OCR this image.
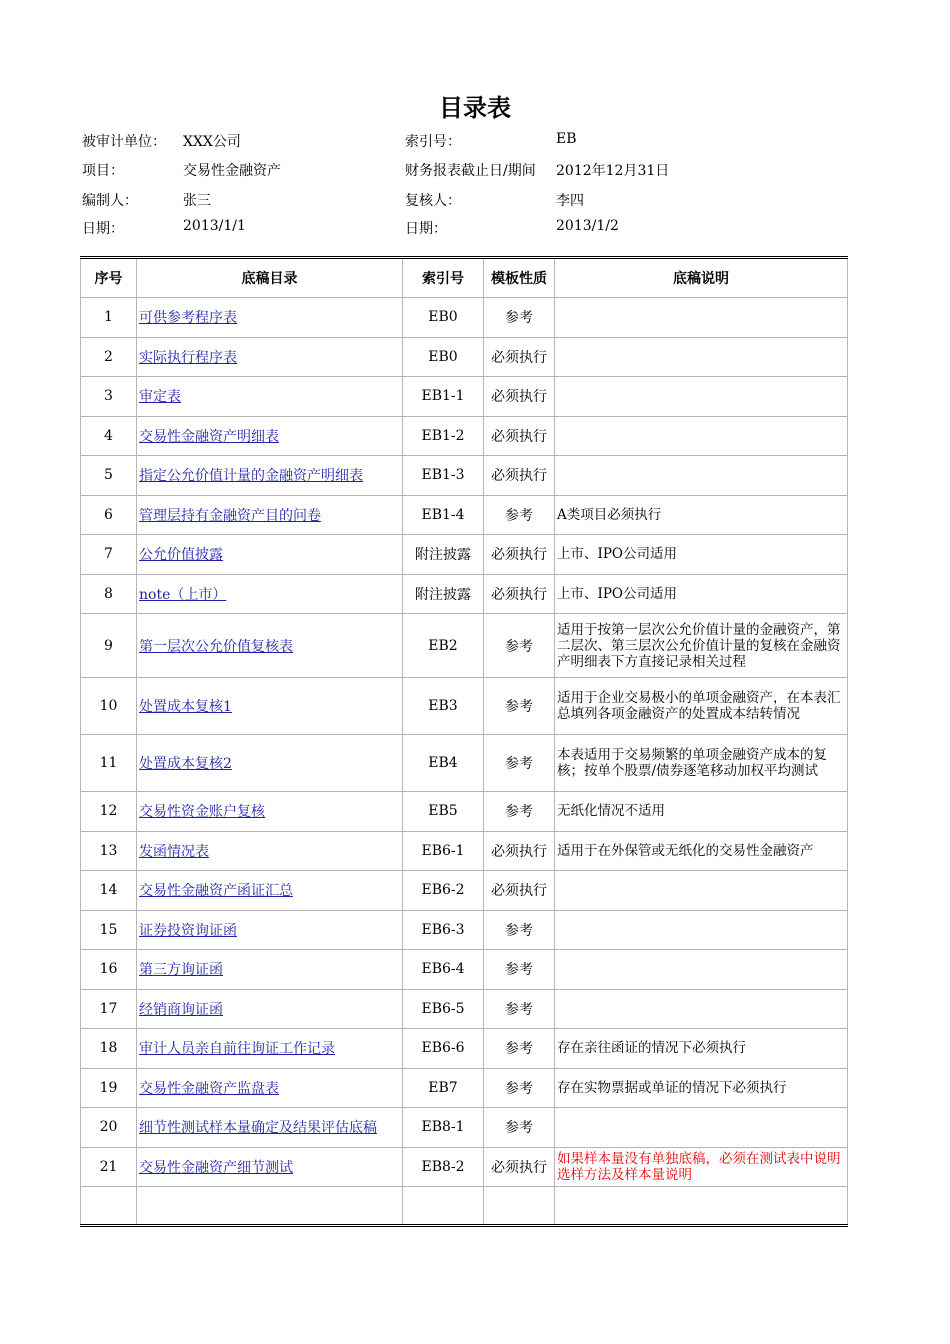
目录表
被审计单位： XXX公司	索引号：	EB
项目：	交易性金融资产	财务报表截止日/期间 2012年12月31日
编制人：	张三	复核人：	李四
日期：	2013/1/1	日期：	2013/1/2
序号	底稿目录	索引号	模板性质	底稿说明
1	可供参考程序表	EB0	参考	
2	实际执行程序表	EB0	必须执行	
3	审定表	EB1-1	必须执行	
4	交易性金融资产明细表	EB1-2	必须执行	
5	指定公允价值计量的金融资产明细表	EB1-3	必须执行	
6	管理层持有金融资产目的问卷	EB1-4	参考	A类项目必须执行
7	公允价值披露	附注披露	必须执行	上市、IPO公司适用
8	note（上市）	附注披露	必须执行	上市、IPO公司适用
9	第一层次公允价值复核表	EB2	参考	适用于按第一层次公允价值计量的金融资产，第二层次、第三层次公允价值计量的复核在金融资产明细表下方直接记录相关过程
10	处置成本复核1	EB3	参考	适用于企业交易极小的单项金融资产，在本表汇总填列各项金融资产的处置成本结转情况
11	处置成本复核2	EB4	参考	本表适用于交易频繁的单项金融资产成本的复核；按单个股票/债券逐笔移动加权平均测试
12	交易性资金账户复核	EB5	参考	无纸化情况不适用
13	发函情况表	EB6-1	必须执行	适用于在外保管或无纸化的交易性金融资产
14	交易性金融资产函证汇总	EB6-2	必须执行	
15	证券投资询证函	EB6-3	参考	
16	第三方询证函	EB6-4	参考	
17	经销商询证函	EB6-5	参考	
18	审计人员亲自前往询证工作记录	EB6-6	参考	存在亲往函证的情况下必须执行
19	交易性金融资产监盘表	EB7	参考	存在实物票据或单证的情况下必须执行
20	细节性测试样本量确定及结果评估底稿	EB8-1	参考	
21	交易性金融资产细节测试	EB8-2	必须执行	如果样本量没有单独底稿，必须在测试表中说明选样方法及样本量说明
